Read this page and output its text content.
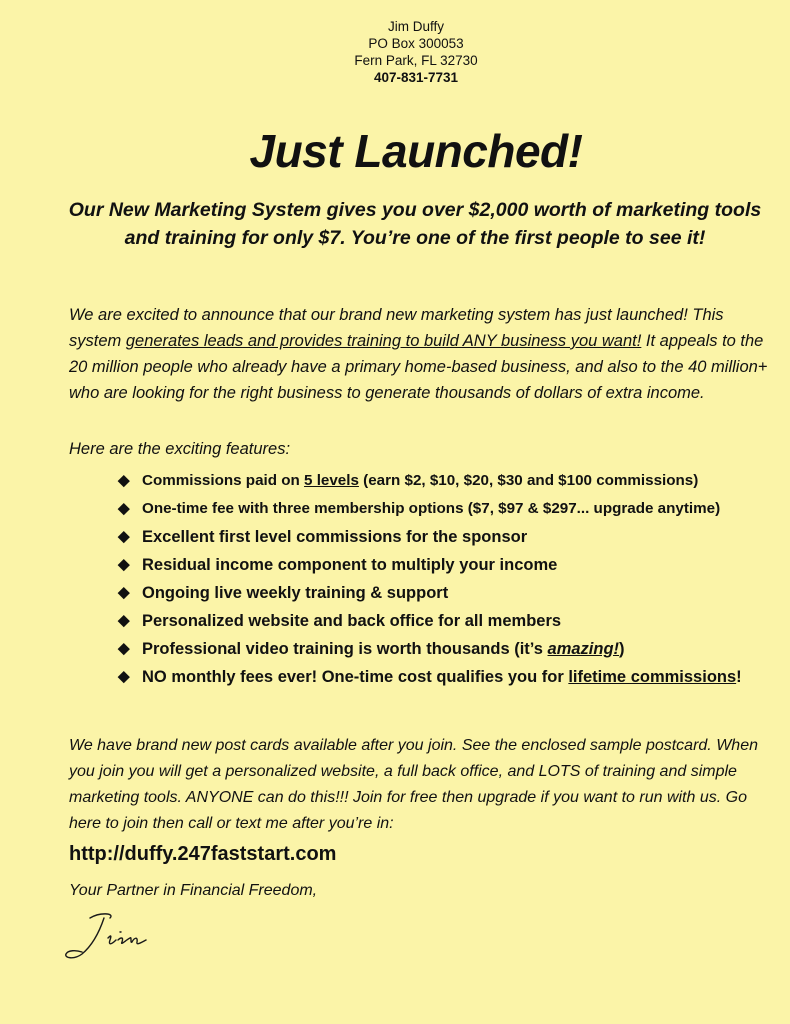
Jim Duffy
PO Box 300053
Fern Park, FL 32730
407-831-7731
Just Launched!
Our New Marketing System gives you over $2,000 worth of marketing tools
and training for only $7. You’re one of the first people to see it!
We are excited to announce that our brand new marketing system has just launched! This system generates leads and provides training to build ANY business you want! It appeals to the 20 million people who already have a primary home-based business, and also to the 40 million+ who are looking for the right business to generate thousands of dollars of extra income.
Here are the exciting features:
◆ Commissions paid on 5 levels (earn $2, $10, $20, $30 and $100 commissions)
◆ One-time fee with three membership options ($7, $97 & $297... upgrade anytime)
◆ Excellent first level commissions for the sponsor
◆ Residual income component to multiply your income
◆ Ongoing live weekly training & support
◆ Personalized website and back office for all members
◆ Professional video training is worth thousands (it’s amazing!)
◆ NO monthly fees ever! One-time cost qualifies you for lifetime commissions!
We have brand new post cards available after you join. See the enclosed sample postcard. When you join you will get a personalized website, a full back office, and LOTS of training and simple marketing tools. ANYONE can do this!!! Join for free then upgrade if you want to run with us. Go here to join then call or text me after you’re in:
http://duffy.247faststart.com
Your Partner in Financial Freedom,
